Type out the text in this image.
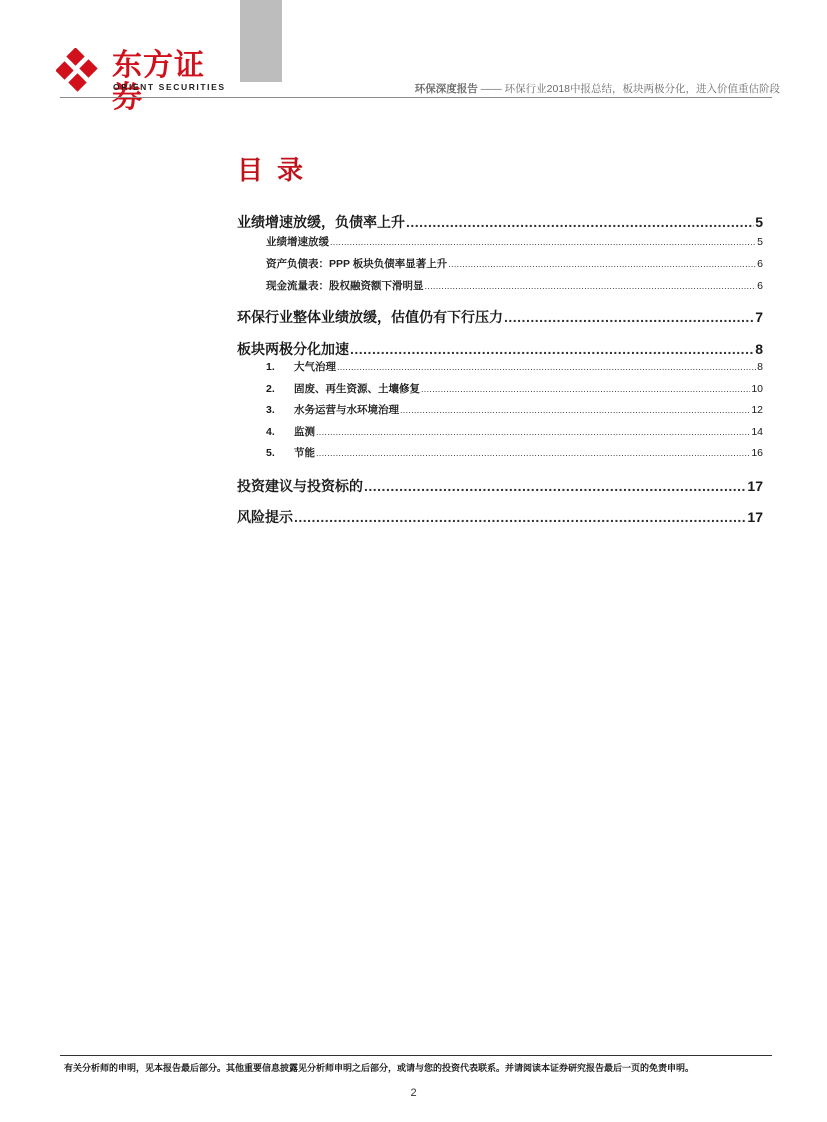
东方证券
ORIENT SECURITIES	环保深度报告 —— 环保行业2018中报总结，板块两极分化，进入价值重估阶段
目录
业绩增速放缓，负债率上升 .....	5
业绩增速放缓 .....	5
资产负债表：PPP 板块负债率显著上升 .....	6
现金流量表：股权融资额下滑明显 .....	6
环保行业整体业绩放缓，估值仍有下行压力 .....	7
板块两极分化加速 .....	8
1.	大气治理 .....	8
2.	固废、再生资源、土壤修复 .....	10
3.	水务运营与水环境治理 .....	12
4.	监测 .....	14
5.	节能 .....	16
投资建议与投资标的 .....	17
风险提示 .....	17
有关分析师的申明，见本报告最后部分。其他重要信息披露见分析师申明之后部分，或请与您的投资代表联系。并请阅读本证券研究报告最后一页的免责申明。
2
